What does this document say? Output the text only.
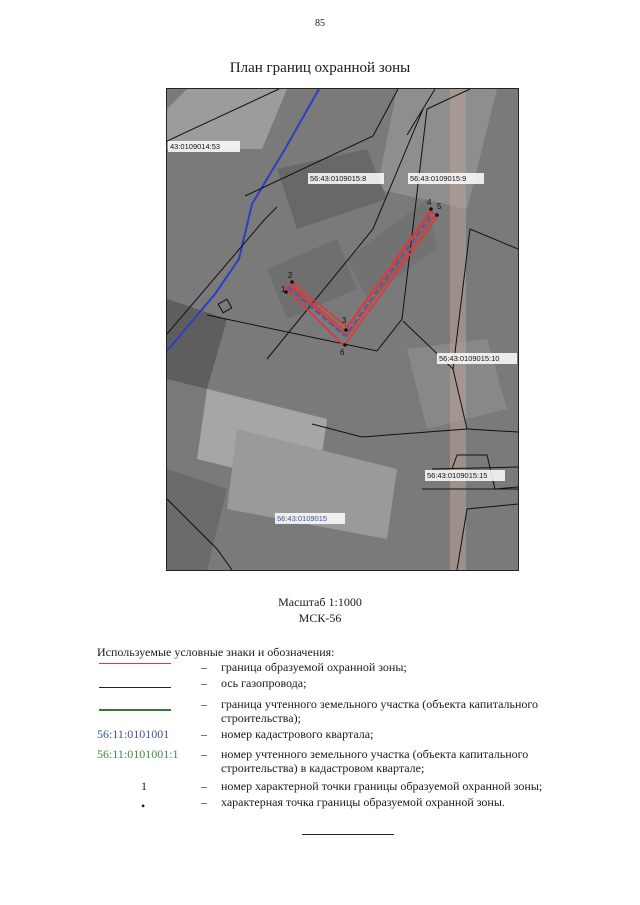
85
План границ охранной зоны
1
2
3
4 5
6
43:0109014:53
56:43:0109015:8	56:43:0109015:9
56:43:0109015:10
56:43:0109015:15
56:43:0109015
Масштаб 1:1000
МСК-56
Используемые условные знаки и обозначения:
– граница образуемой охранной зоны;
– ось газопровода;
– граница учтенного земельного участка (объекта капитального строительства);
56:11:0101001	– номер кадастрового квартала;
56:11:0101001:1	– номер учтенного земельного участка (объекта капитального строительства) в кадастровом квартале;
1	– номер характерной точки границы образуемой охранной зоны;
•	– характерная точка границы образуемой охранной зоны.
